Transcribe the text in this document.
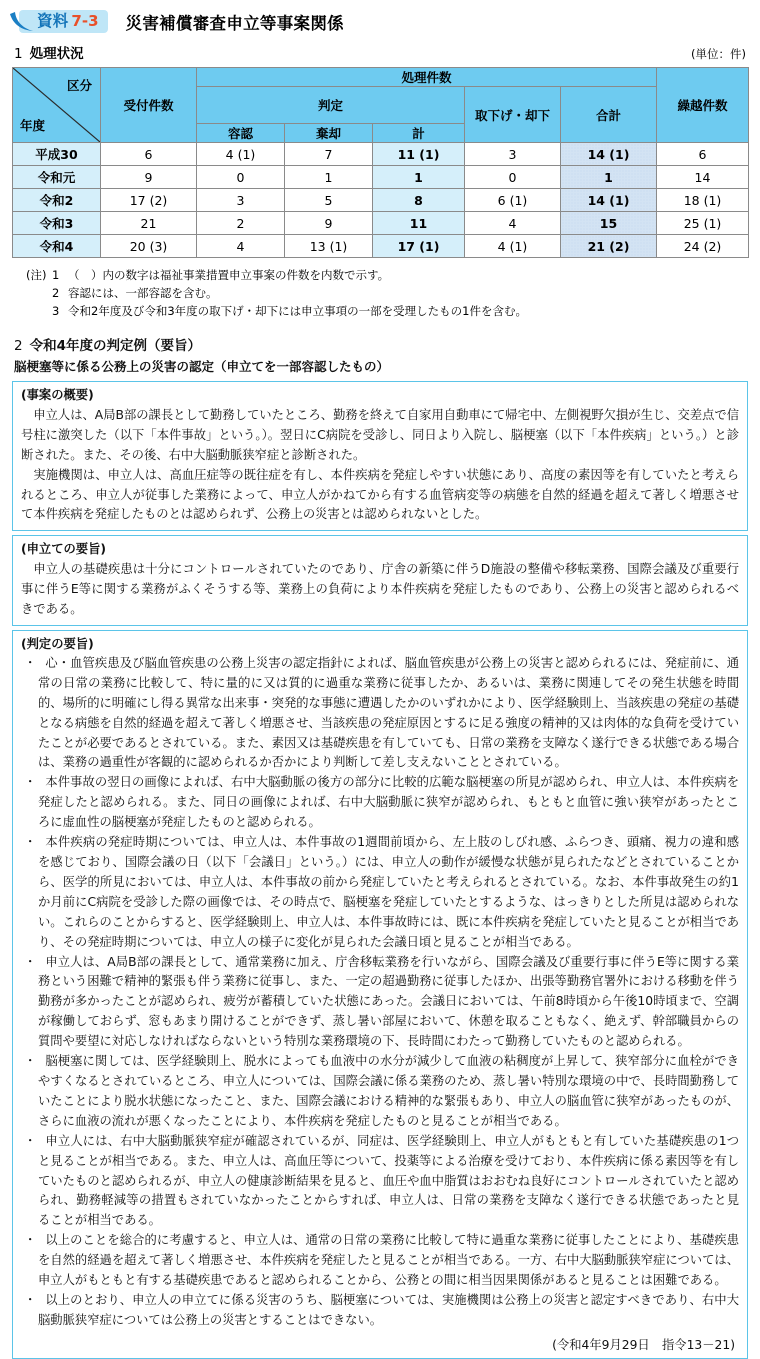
資料 7-3 災害補償審査申立等事案関係
1 処理状況	(単位：件)
区分
年度	受付件数	処理件数					繰越件数
		判定			取下げ・却下	合計	
		容認	棄却	計			
平成30	6	4 (1)	7	11 (1)	3	14 (1)	6
令和元	9	0	1	1	0	1	14
令和2	17 (2)	3	5	8	6 (1)	14 (1)	18 (1)
令和3	21	2	9	11	4	15	25 (1)
令和4	20 (3)	4	13 (1)	17 (1)	4 (1)	21 (2)	24 (2)
(注) 1 （　）内の数字は福祉事業措置申立事案の件数を内数で示す。
2 容認には、一部容認を含む。
3 令和2年度及び令和3年度の取下げ・却下には申立事項の一部を受理したもの1件を含む。
2 令和4年度の判定例（要旨）
脳梗塞等に係る公務上の災害の認定（申立てを一部容認したもの）
(事案の概要)

申立人は、A局B部の課長として勤務していたところ、勤務を終えて自家用自動車にて帰宅中、左側視野欠損が生じ、交差点で信号柱に激突した（以下「本件事故」という。）。翌日にC病院を受診し、同日より入院し、脳梗塞（以下「本件疾病」という。）と診断された。また、その後、右中大脳動脈狭窄症と診断された。

実施機関は、申立人は、高血圧症等の既往症を有し、本件疾病を発症しやすい状態にあり、高度の素因等を有していたと考えられるところ、申立人が従事した業務によって、申立人がかねてから有する血管病変等の病態を自然的経過を超えて著しく増悪させて本件疾病を発症したものとは認められず、公務上の災害とは認められないとした。

(申立ての要旨)

申立人の基礎疾患は十分にコントロールされていたのであり、庁舎の新築に伴うD施設の整備や移転業務、国際会議及び重要行事に伴うE等に関する業務がふくそうする等、業務上の負荷により本件疾病を発症したものであり、公務上の災害と認められるべきである。

(判定の要旨)
・ 心・血管疾患及び脳血管疾患の公務上災害の認定指針によれば、脳血管疾患が公務上の災害と認められるには、発症前に、通常の日常の業務に比較して、特に量的に又は質的に過重な業務に従事したか、あるいは、業務に関連してその発生状態を時間的、場所的に明確にし得る異常な出来事・突発的な事態に遭遇したかのいずれかにより、医学経験則上、当該疾患の発症の基礎となる病態を自然的経過を超えて著しく増悪させ、当該疾患の発症原因とするに足る強度の精神的又は肉体的な負荷を受けていたことが必要であるとされている。また、素因又は基礎疾患を有していても、日常の業務を支障なく遂行できる状態である場合は、業務の過重性が客観的に認められるか否かにより判断して差し支えないこととされている。
・ 本件事故の翌日の画像によれば、右中大脳動脈の後方の部分に比較的広範な脳梗塞の所見が認められ、申立人は、本件疾病を発症したと認められる。また、同日の画像によれば、右中大脳動脈に狭窄が認められ、もともと血管に強い狭窄があったところに虚血性の脳梗塞が発症したものと認められる。
・ 本件疾病の発症時期については、申立人は、本件事故の1週間前頃から、左上肢のしびれ感、ふらつき、頭痛、視力の違和感を感じており、国際会議の日（以下「会議日」という。）には、申立人の動作が緩慢な状態が見られたなどとされていることから、医学的所見においては、申立人は、本件事故の前から発症していたと考えられるとされている。なお、本件事故発生の約1か月前にC病院を受診した際の画像では、その時点で、脳梗塞を発症していたとするような、はっきりとした所見は認められない。これらのことからすると、医学経験則上、申立人は、本件事故時には、既に本件疾病を発症していたと見ることが相当であり、その発症時期については、申立人の様子に変化が見られた会議日頃と見ることが相当である。
・ 申立人は、A局B部の課長として、通常業務に加え、庁舎移転業務を行いながら、国際会議及び重要行事に伴うE等に関する業務という困難で精神的緊張も伴う業務に従事し、また、一定の超過勤務に従事したほか、出張等勤務官署外における移動を伴う勤務が多かったことが認められ、疲労が蓄積していた状態にあった。会議日においては、午前8時頃から午後10時頃まで、空調が稼働しておらず、窓もあまり開けることができず、蒸し暑い部屋において、休憩を取ることもなく、絶えず、幹部職員からの質問や要望に対応しなければならないという特別な業務環境の下、長時間にわたって勤務していたものと認められる。
・ 脳梗塞に関しては、医学経験則上、脱水によっても血液中の水分が減少して血液の粘稠度が上昇して、狭窄部分に血栓ができやすくなるとされているところ、申立人については、国際会議に係る業務のため、蒸し暑い特別な環境の中で、長時間勤務していたことにより脱水状態になったこと、また、国際会議における精神的な緊張もあり、申立人の脳血管に狭窄があったものが、さらに血液の流れが悪くなったことにより、本件疾病を発症したものと見ることが相当である。
・ 申立人には、右中大脳動脈狭窄症が確認されているが、同症は、医学経験則上、申立人がもともと有していた基礎疾患の1つと見ることが相当である。また、申立人は、高血圧等について、投薬等による治療を受けており、本件疾病に係る素因等を有していたものと認められるが、申立人の健康診断結果を見ると、血圧や血中脂質はおおむね良好にコントロールされていたと認められ、勤務軽減等の措置もされていなかったことからすれば、申立人は、日常の業務を支障なく遂行できる状態であったと見ることが相当である。
・ 以上のことを総合的に考慮すると、申立人は、通常の日常の業務に比較して特に過重な業務に従事したことにより、基礎疾患を自然的経過を超えて著しく増悪させ、本件疾病を発症したと見ることが相当である。一方、右中大脳動脈狭窄症については、申立人がもともと有する基礎疾患であると認められることから、公務との間に相当因果関係があると見ることは困難である。
・ 以上のとおり、申立人の申立てに係る災害のうち、脳梗塞については、実施機関は公務上の災害と認定すべきであり、右中大脳動脈狭窄症については公務上の災害とすることはできない。
(令和4年9月29日　指令13－21)
